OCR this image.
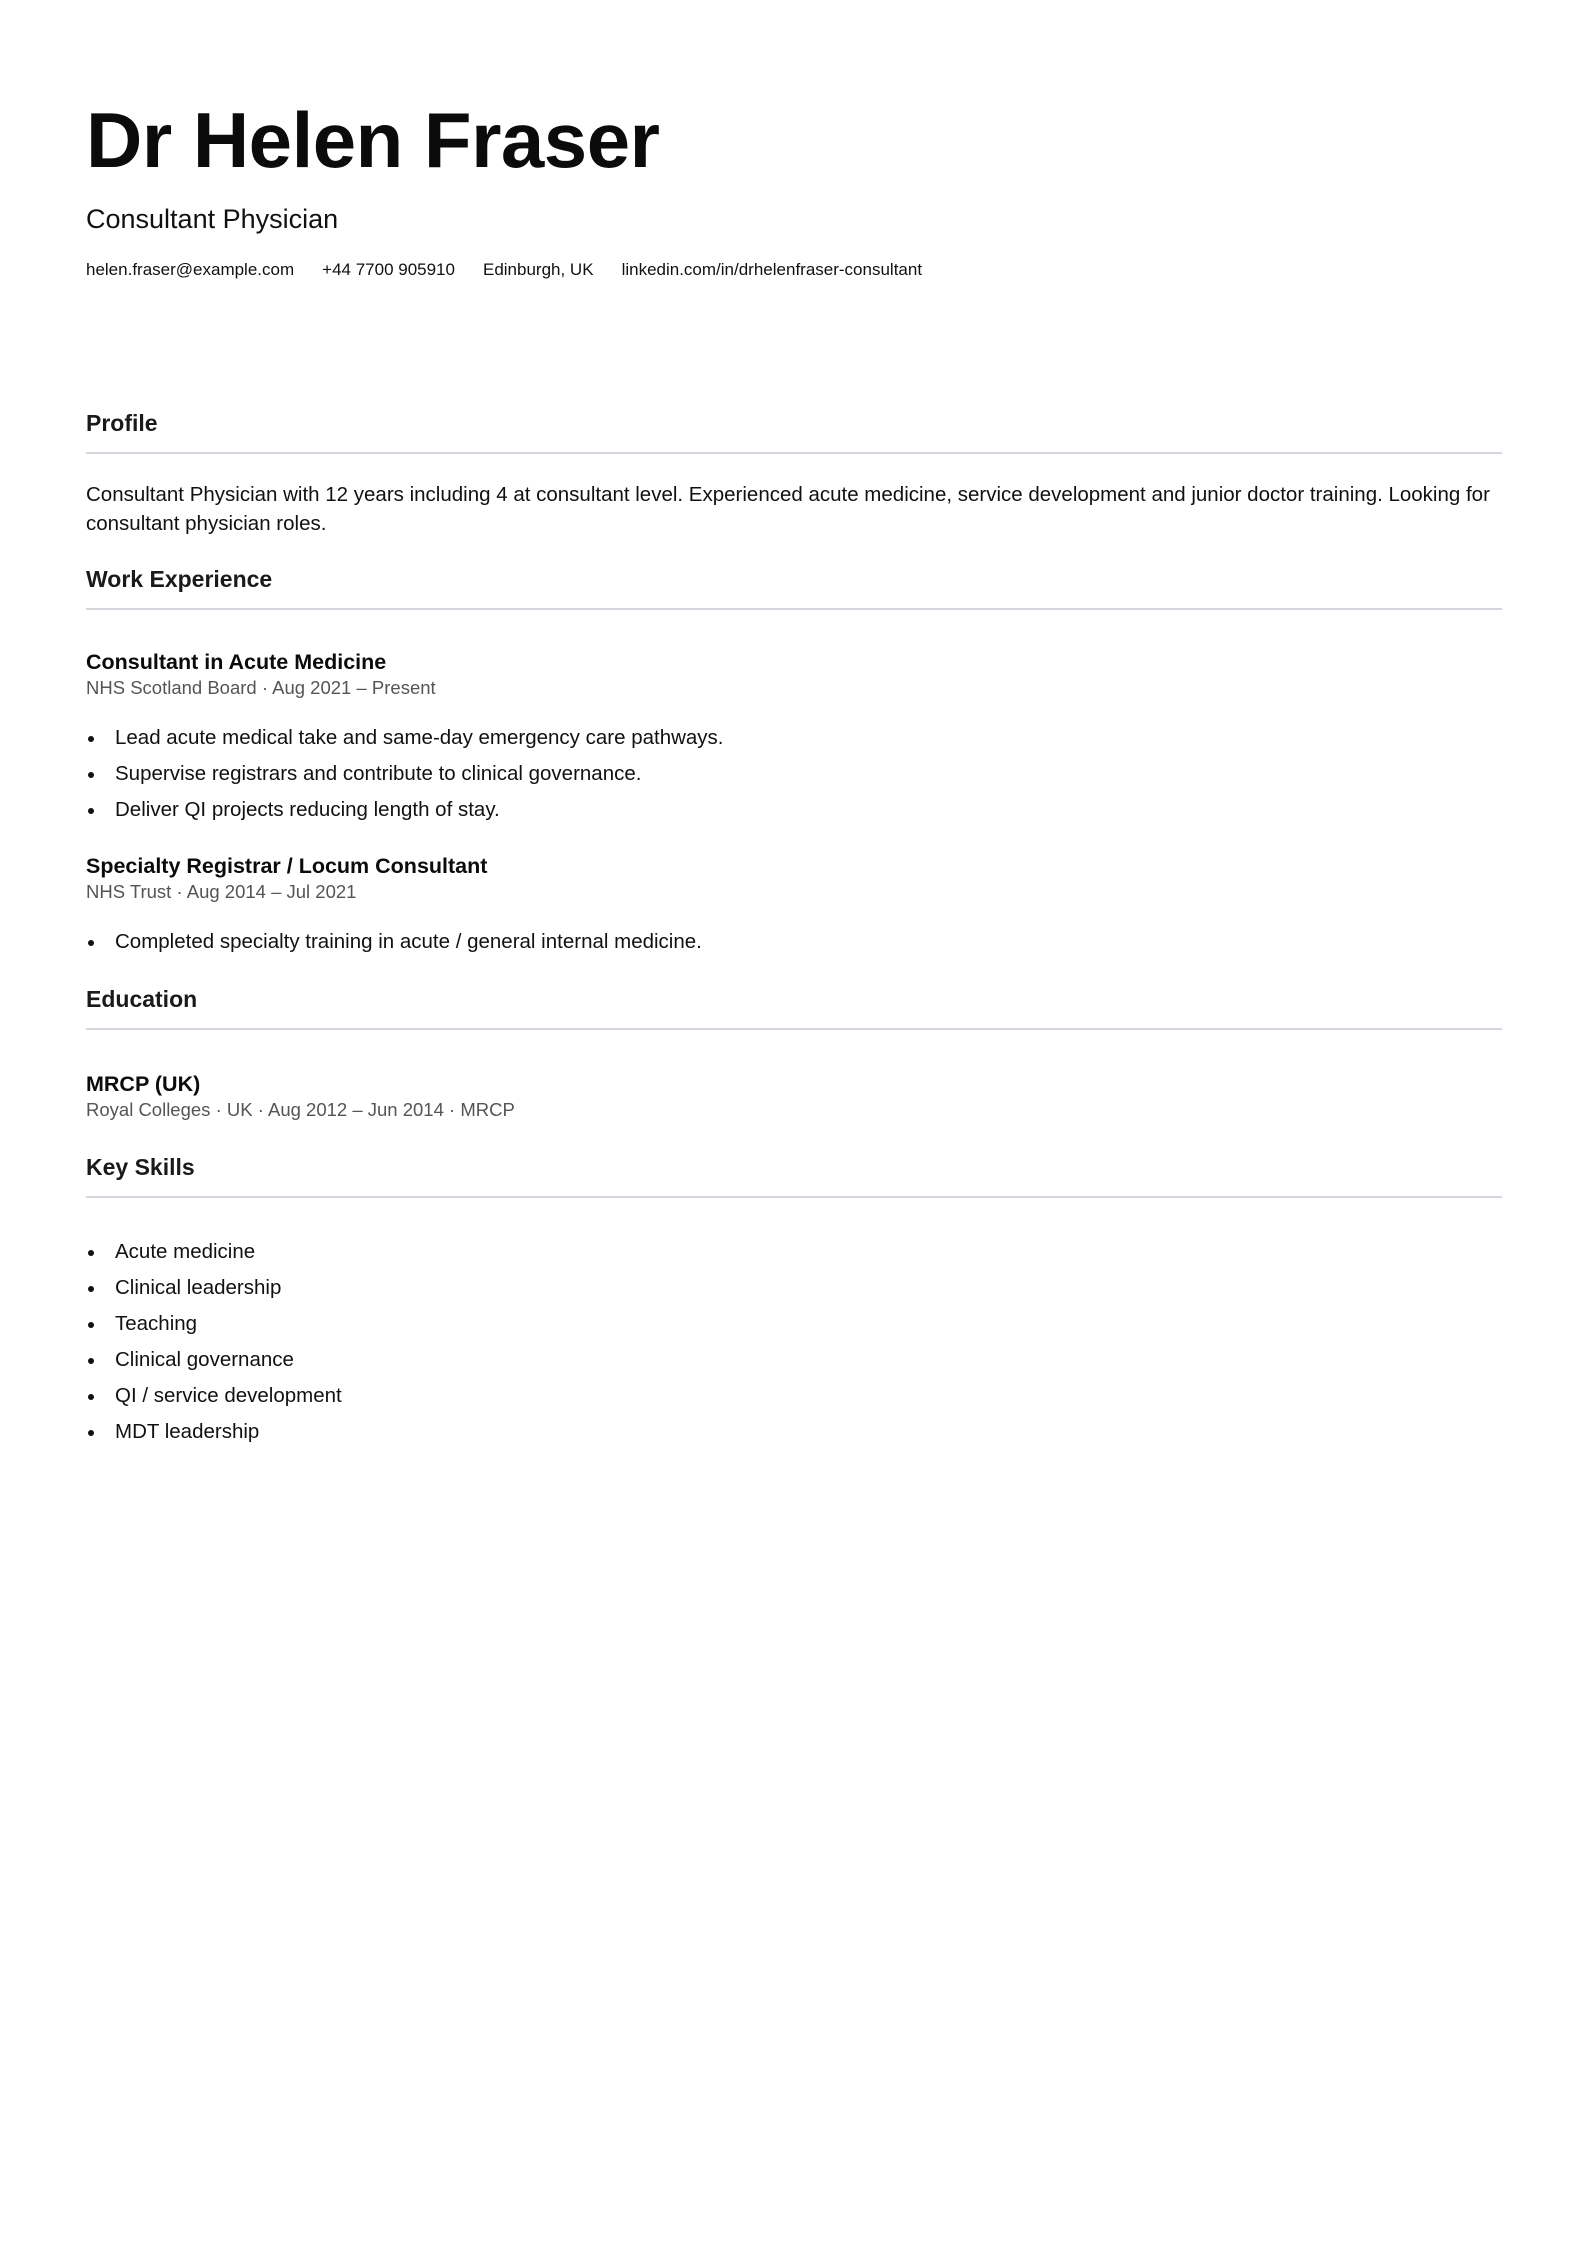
Dr Helen Fraser

Consultant Physician

helen.fraser@example.com +44 7700 905910 Edinburgh, UK linkedin.com/in/drhelenfraser-consultant
Profile

Consultant Physician with 12 years including 4 at consultant level. Experienced acute medicine, service development and junior doctor training. Looking for consultant physician roles.

Work Experience
Consultant in Acute Medicine

NHS Scotland Board · Aug 2021 – Present

Lead acute medical take and same-day emergency care pathways.
Supervise registrars and contribute to clinical governance.
Deliver QI projects reducing length of stay.
Specialty Registrar / Locum Consultant

NHS Trust · Aug 2014 – Jul 2021

Completed specialty training in acute / general internal medicine.
Education
MRCP (UK)

Royal Colleges · UK · Aug 2012 – Jun 2014 · MRCP

Key Skills
Acute medicine
Clinical leadership
Teaching
Clinical governance
QI / service development
MDT leadership
